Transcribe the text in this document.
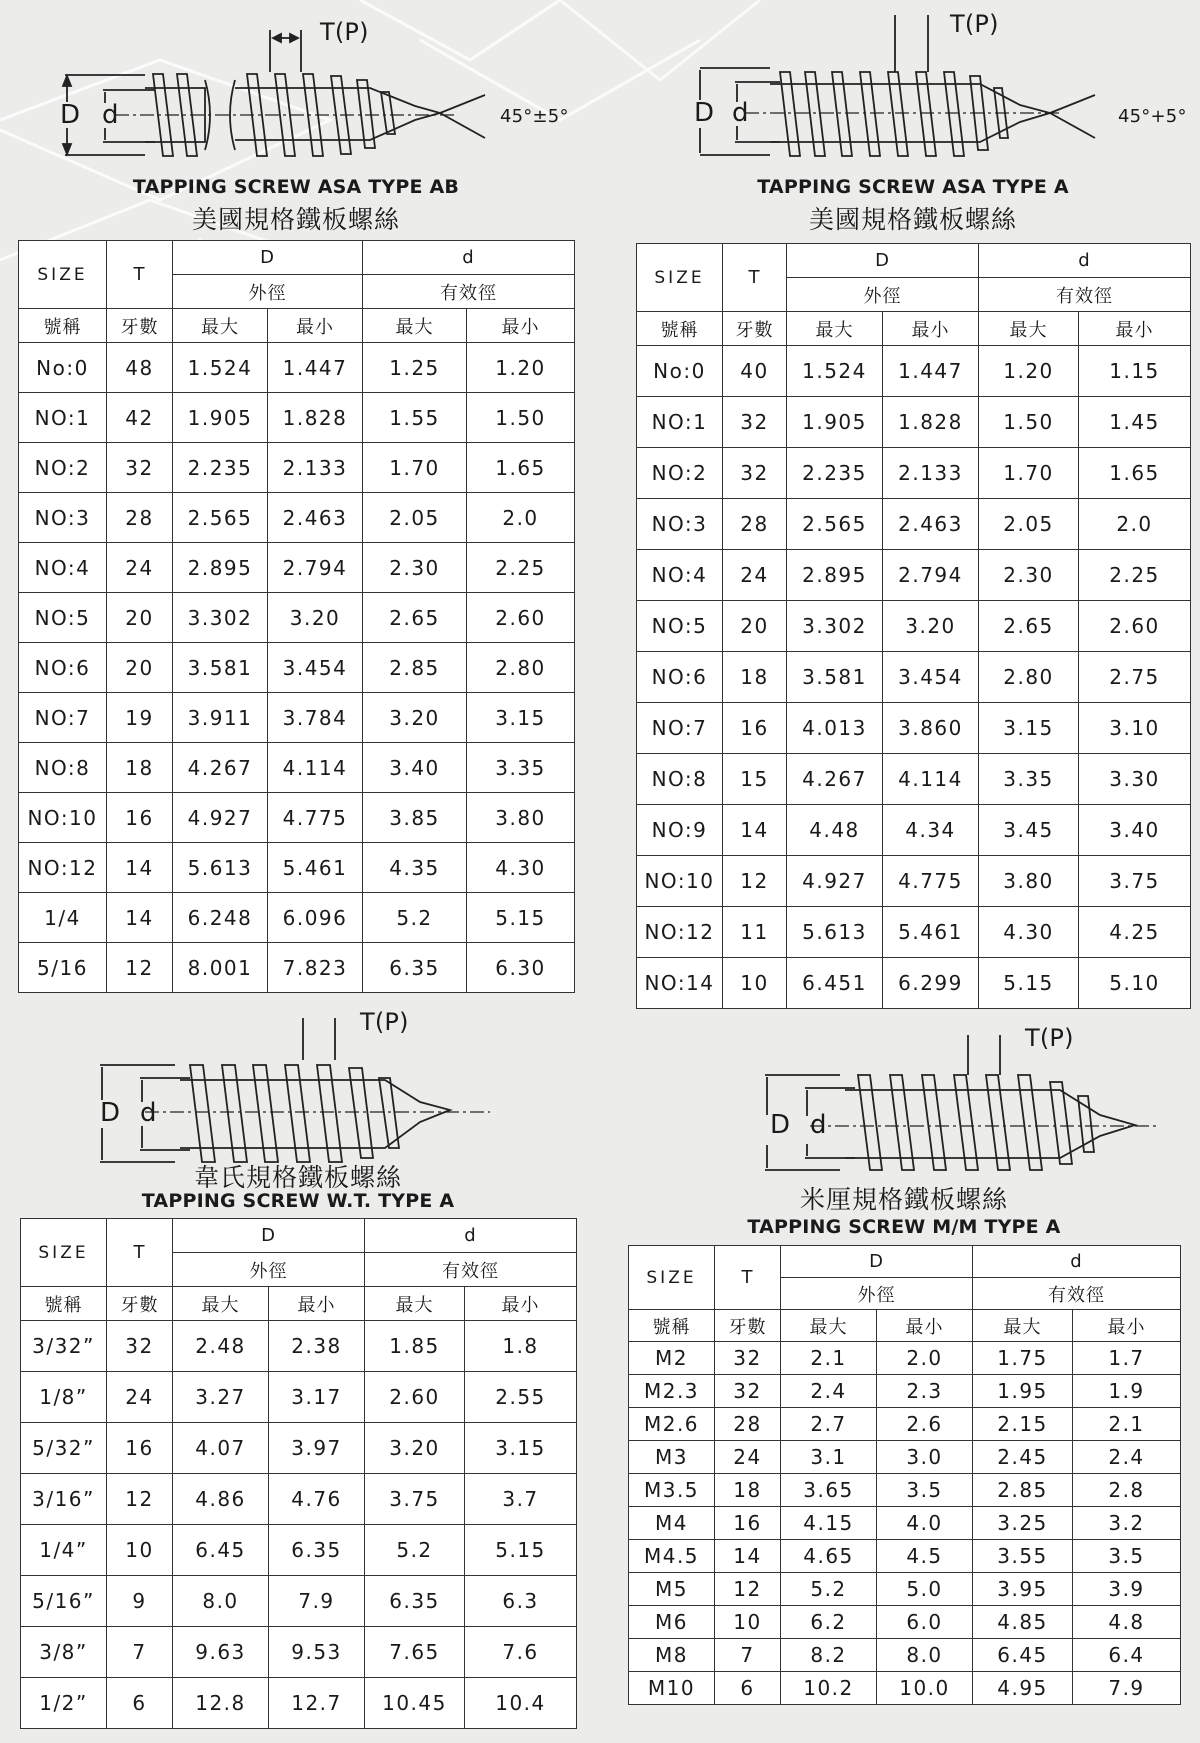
T(P)
D d	45°±5°
TAPPING SCREW ASA TYPE AB
美國規格鐵板螺絲
SIZE	T	D		d	
		外徑		有效徑	
號稱	牙數	最大	最小	最大	最小
No:0	48	1.524	1.447	1.25	1.20
NO:1	42	1.905	1.828	1.55	1.50
NO:2	32	2.235	2.133	1.70	1.65
NO:3	28	2.565	2.463	2.05	2.0
NO:4	24	2.895	2.794	2.30	2.25
NO:5	20	3.302	3.20	2.65	2.60
NO:6	20	3.581	3.454	2.85	2.80
NO:7	19	3.911	3.784	3.20	3.15
NO:8	18	4.267	4.114	3.40	3.35
NO:10	16	4.927	4.775	3.85	3.80
NO:12	14	5.613	5.461	4.35	4.30
1/4	14	6.248	6.096	5.2	5.15
5/16	12	8.001	7.823	6.35	6.30
T(P)
D d	45°+5°
TAPPING SCREW ASA TYPE A
美國規格鐵板螺絲
SIZE	T	D		d	
		外徑		有效徑	
號稱	牙數	最大	最小	最大	最小
No:0	40	1.524	1.447	1.20	1.15
NO:1	32	1.905	1.828	1.50	1.45
NO:2	32	2.235	2.133	1.70	1.65
NO:3	28	2.565	2.463	2.05	2.0
NO:4	24	2.895	2.794	2.30	2.25
NO:5	20	3.302	3.20	2.65	2.60
NO:6	18	3.581	3.454	2.80	2.75
NO:7	16	4.013	3.860	3.15	3.10
NO:8	15	4.267	4.114	3.35	3.30
NO:9	14	4.48	4.34	3.45	3.40
NO:10	12	4.927	4.775	3.80	3.75
NO:12	11	5.613	5.461	4.30	4.25
NO:14	10	6.451	6.299	5.15	5.10
T(P)
D d
韋氏規格鐵板螺絲
TAPPING SCREW W.T. TYPE A
SIZE	T	D		d	
		外徑		有效徑	
號稱	牙數	最大	最小	最大	最小
3/32”	32	2.48	2.38	1.85	1.8
1/8”	24	3.27	3.17	2.60	2.55
5/32”	16	4.07	3.97	3.20	3.15
3/16”	12	4.86	4.76	3.75	3.7
1/4”	10	6.45	6.35	5.2	5.15
5/16”	9	8.0	7.9	6.35	6.3
3/8”	7	9.63	9.53	7.65	7.6
1/2”	6	12.8	12.7	10.45	10.4
T(P)
D d
米厘規格鐵板螺絲
TAPPING SCREW M/M TYPE A
SIZE	T	D		d	
		外徑		有效徑	
號稱	牙數	最大	最小	最大	最小
M2	32	2.1	2.0	1.75	1.7
M2.3	32	2.4	2.3	1.95	1.9
M2.6	28	2.7	2.6	2.15	2.1
M3	24	3.1	3.0	2.45	2.4
M3.5	18	3.65	3.5	2.85	2.8
M4	16	4.15	4.0	3.25	3.2
M4.5	14	4.65	4.5	3.55	3.5
M5	12	5.2	5.0	3.95	3.9
M6	10	6.2	6.0	4.85	4.8
M8	7	8.2	8.0	6.45	6.4
M10	6	10.2	10.0	4.95	7.9
